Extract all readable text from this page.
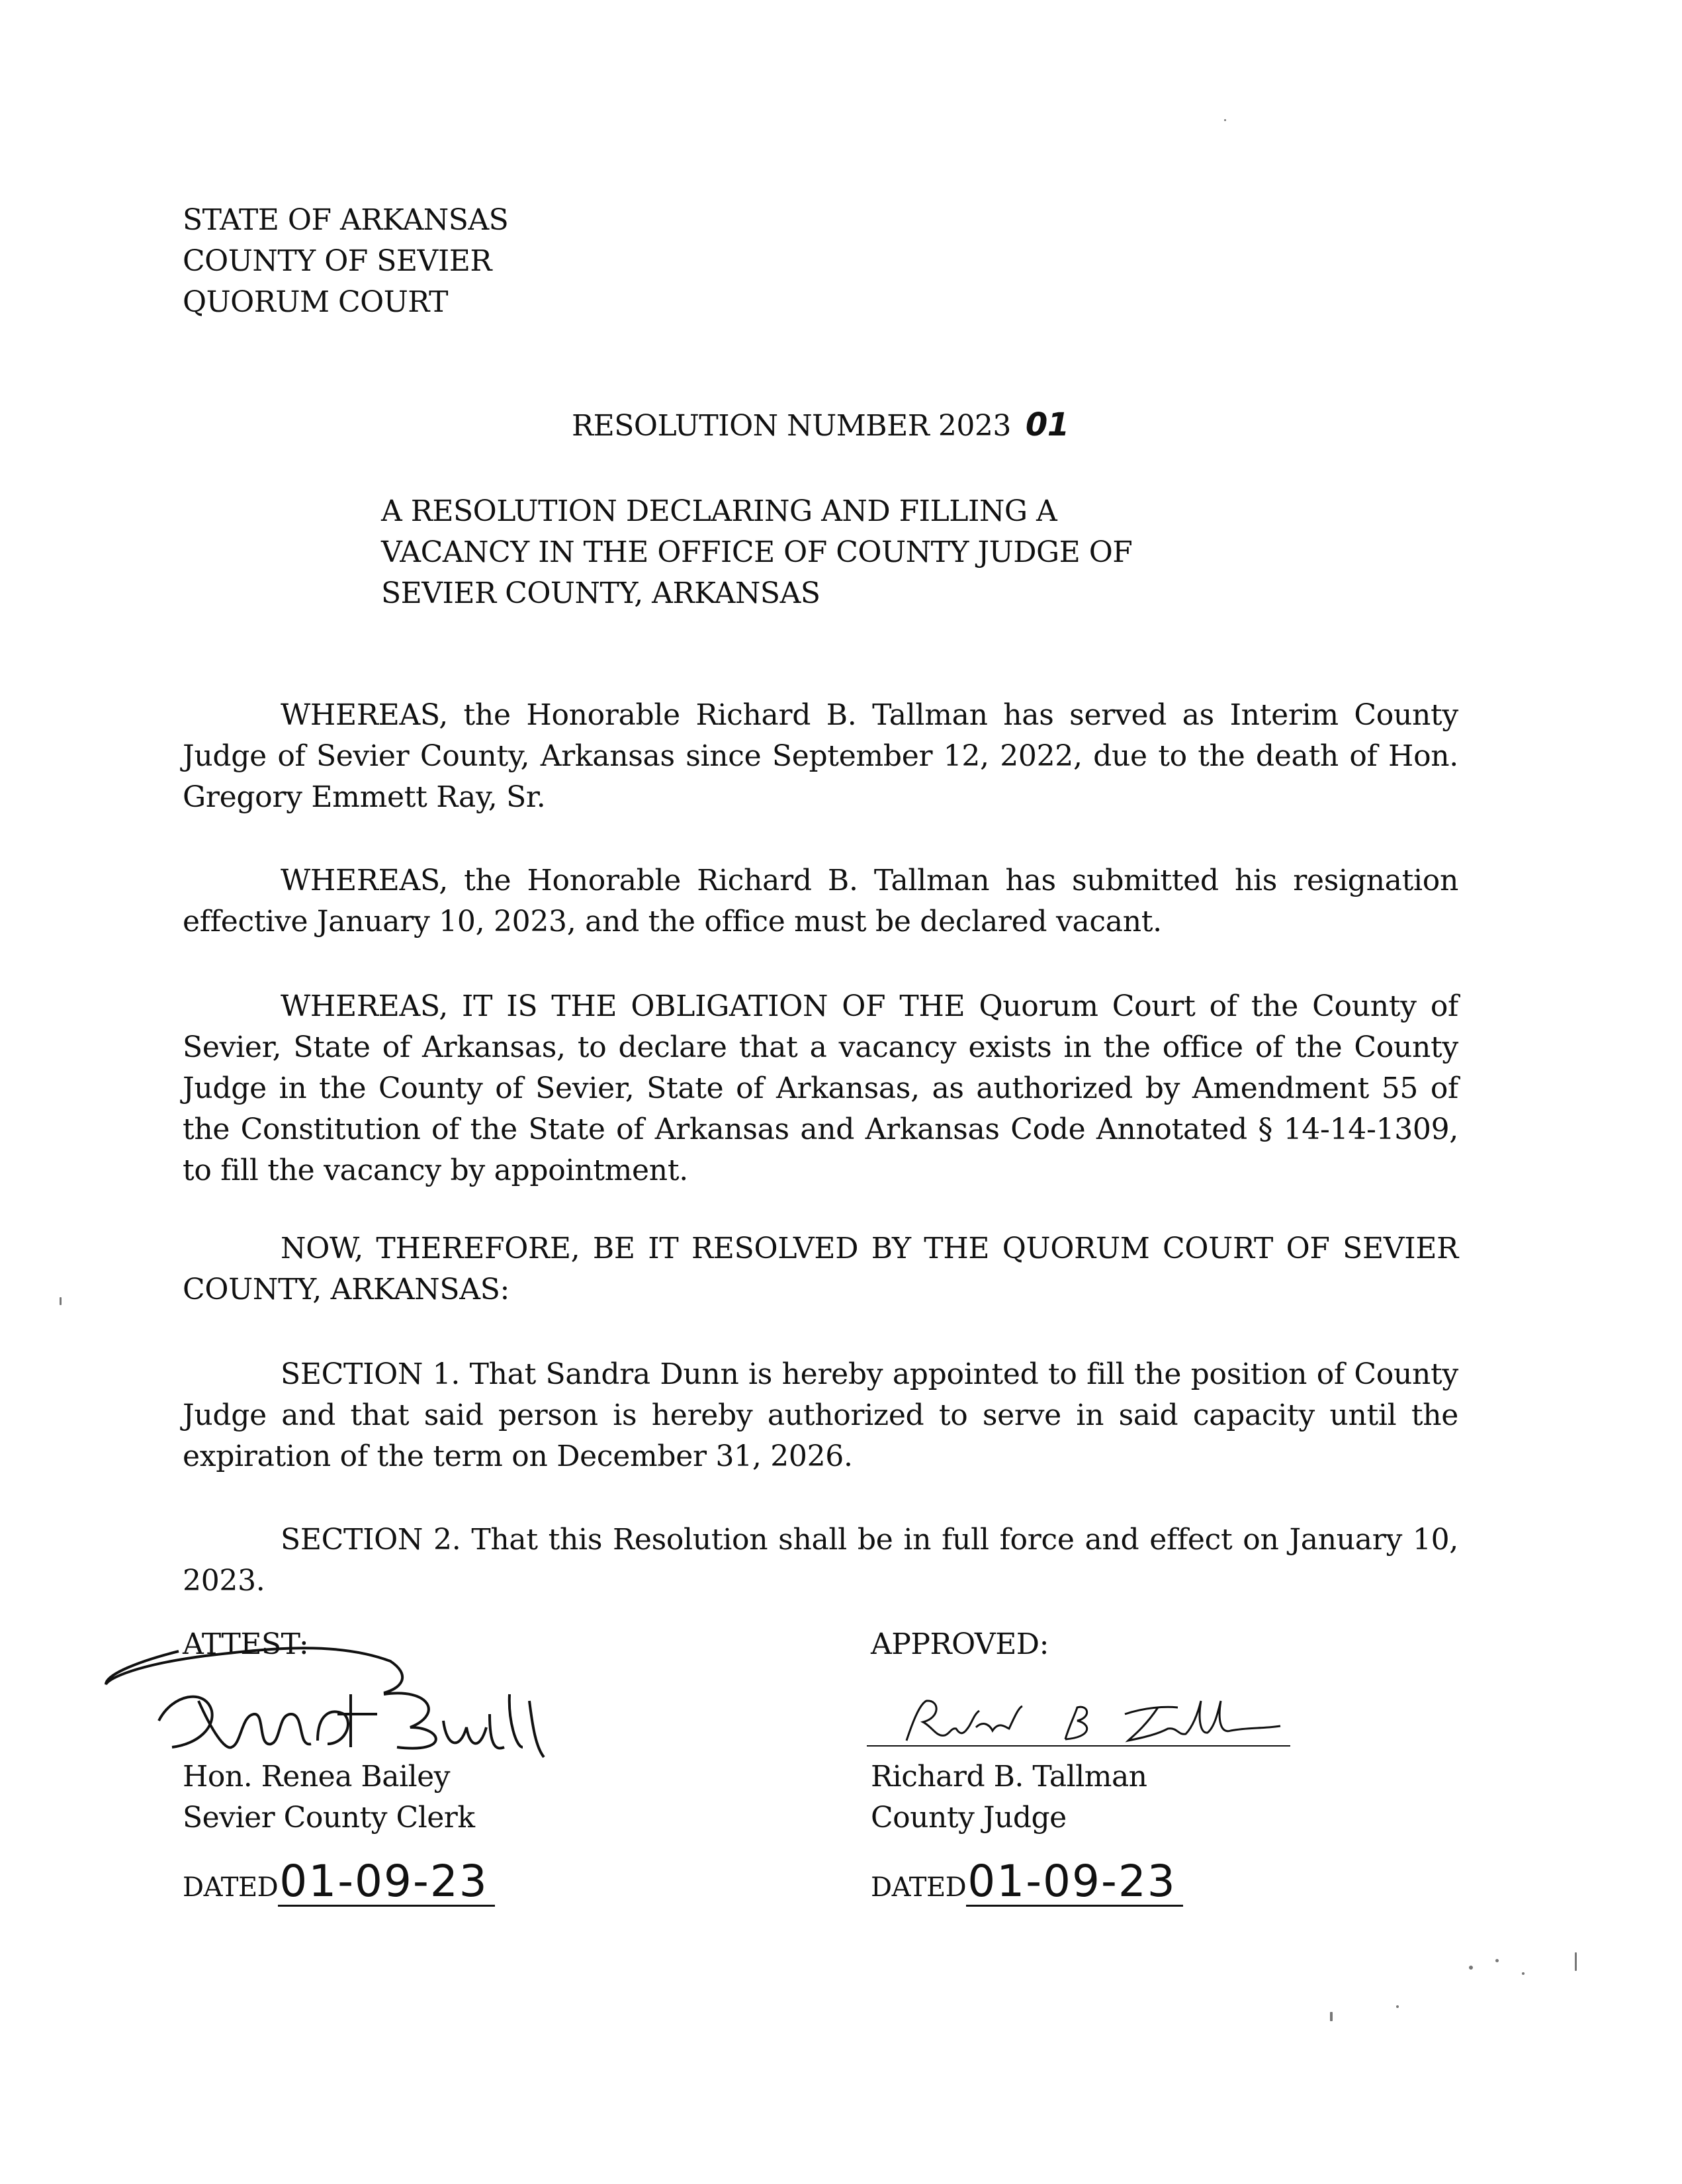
STATE OF ARKANSAS
COUNTY OF SEVIER
QUORUM COURT
RESOLUTION NUMBER 2023 01
A RESOLUTION DECLARING AND FILLING A
VACANCY IN THE OFFICE OF COUNTY JUDGE OF
SEVIER COUNTY, ARKANSAS
WHEREAS, the Honorable Richard B. Tallman has served as Interim County Judge of Sevier County, Arkansas since September 12, 2022, due to the death of Hon. Gregory Emmett Ray, Sr.
WHEREAS, the Honorable Richard B. Tallman has submitted his resignation effective January 10, 2023, and the office must be declared vacant.
WHEREAS, IT IS THE OBLIGATION OF THE Quorum Court of the County of Sevier, State of Arkansas, to declare that a vacancy exists in the office of the County Judge in the County of Sevier, State of Arkansas, as authorized by Amendment 55 of the Constitution of the State of Arkansas and Arkansas Code Annotated § 14-14-1309, to fill the vacancy by appointment.
NOW, THEREFORE, BE IT RESOLVED BY THE QUORUM COURT OF SEVIER COUNTY, ARKANSAS:
SECTION 1. That Sandra Dunn is hereby appointed to fill the position of County Judge and that said person is hereby authorized to serve in said capacity until the expiration of the term on December 31, 2026.
SECTION 2. That this Resolution shall be in full force and effect on January 10, 2023.
ATTEST:
Hon. Renea Bailey
Sevier County Clerk
DATED01-09-23
APPROVED:
Richard B. Tallman
County Judge
DATED01-09-23
